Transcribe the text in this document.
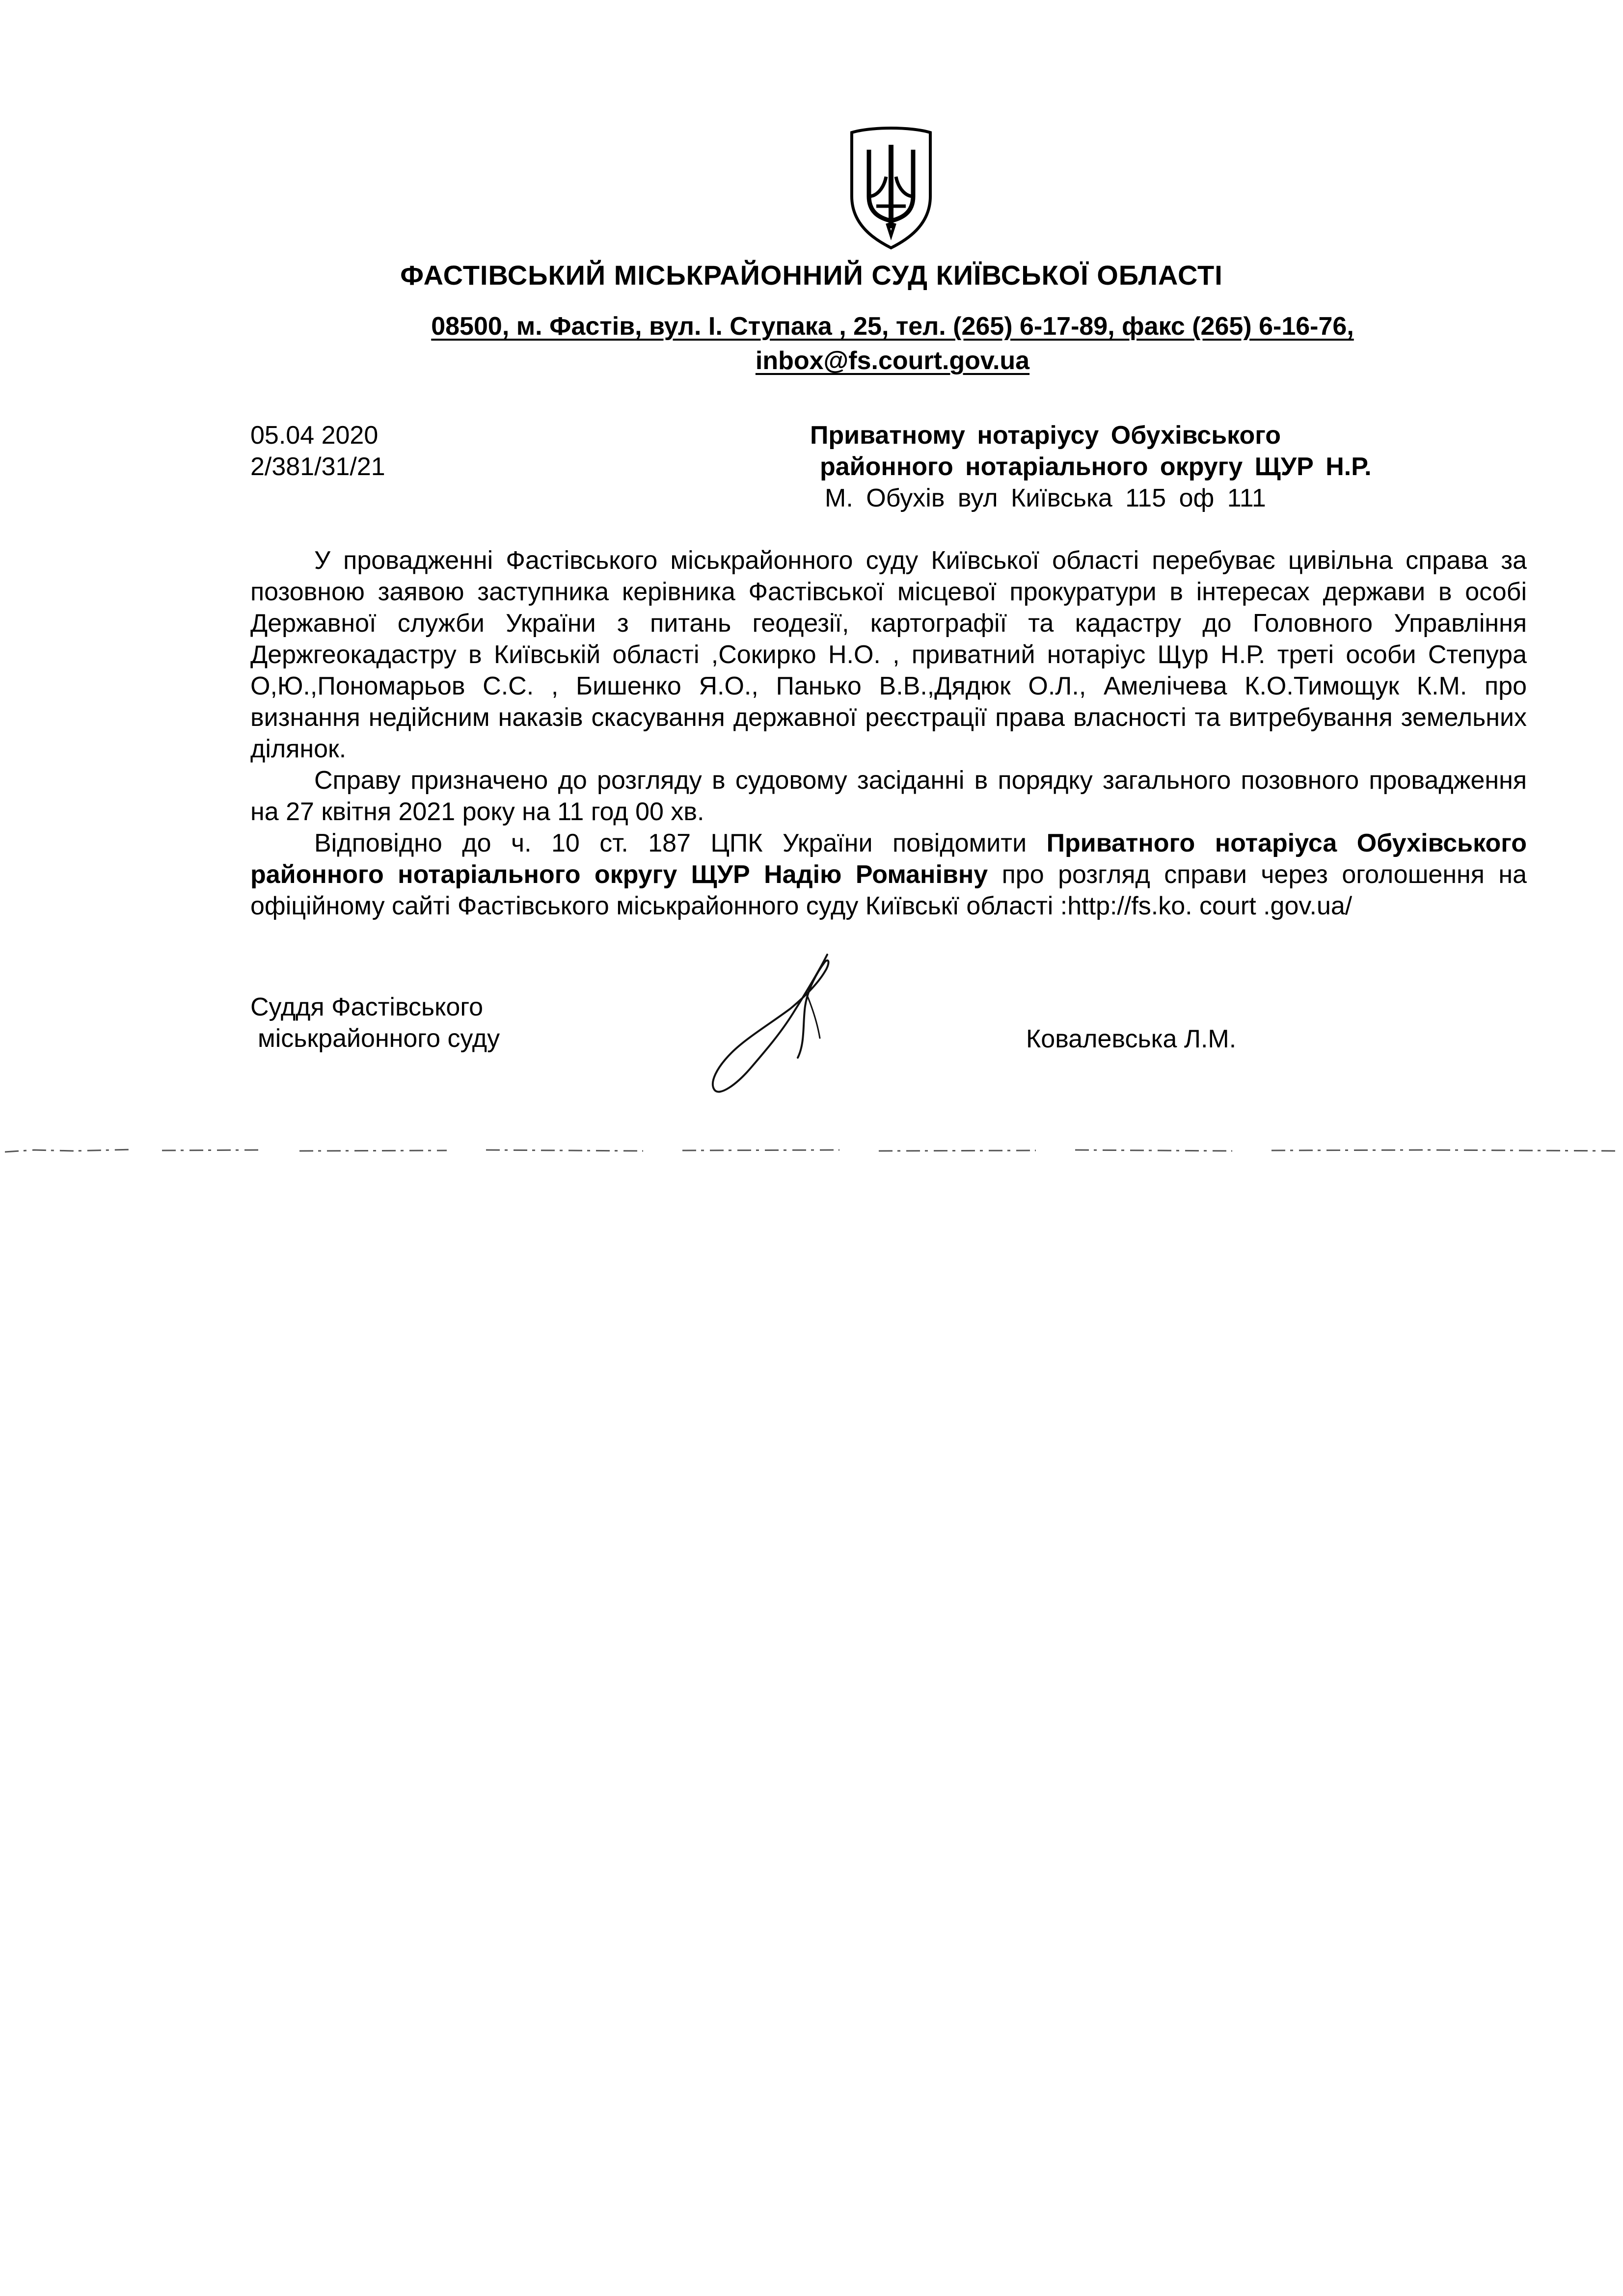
ФАСТІВСЬКИЙ МІСЬКРАЙОННИЙ СУД КИЇВСЬКОЇ ОБЛАСТІ
08500, м. Фастів, вул. І. Ступака , 25, тел. (265) 6-17-89, факс (265) 6-16-76,
inbox@fs.court.gov.ua
05.04 2020
2/381/31/21
Приватному нотаріусу Обухівського
районного нотаріального округу ЩУР Н.Р.
М. Обухів вул Київська 115 оф 111

У провадженні Фастівського міськрайонного суду Київської області перебуває цивільна справа за позовною заявою заступника керівника Фастівської місцевої прокуратури в інтересах держави в особі Державної служби України з питань геодезії, картографії та кадастру до Головного Управління Держгеокадастру в Київській області ,Сокирко Н.О. , приватний нотаріус Щур Н.Р. треті особи Степура О,Ю.,Пономарьов С.С. , Бишенко Я.О., Панько В.В.,Дядюк О.Л., Амелічева К.О.Тимощук К.М. про визнання недійсним наказів скасування державної реєстрації права власності та витребування земельних ділянок.

Справу призначено до розгляду в судовому засіданні в порядку загального позовного провадження на 27 квітня 2021 року на 11 год 00 хв.

Відповідно до ч. 10 ст. 187 ЦПК України повідомити Приватного нотаріуса Обухівського районного нотаріального округу ЩУР Надію Романівну про розгляд справи через оголошення на офіційному сайті Фастівського міськрайонного суду Київськї області :http://fs.ko. court .gov.ua/

Суддя Фастівського
міськрайонного суду	Ковалевська Л.М.
